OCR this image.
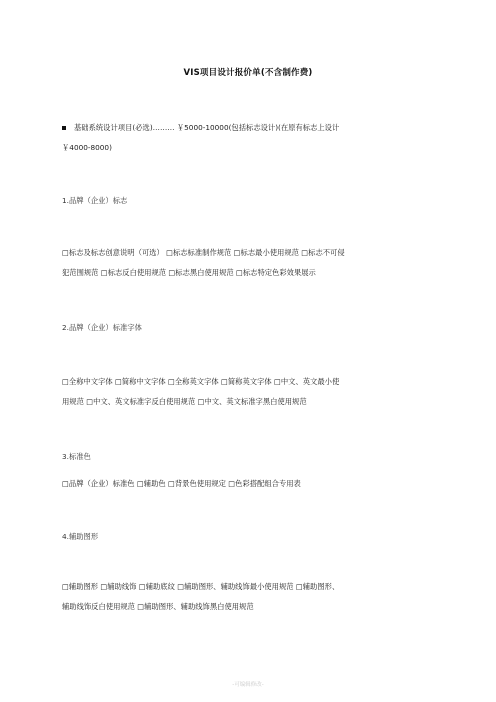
VIS项目设计报价单(不含制作费)
基础系统设计项目(必选)……… ￥5000-10000(包括标志设计)(在原有标志上设计
￥4000-8000)
1.品牌（企业）标志
□标志及标志创意说明（可选） □标志标准制作规范 □标志最小使用规范 □标志不可侵
犯范围规范 □标志反白使用规范 □标志黑白使用规范 □标志特定色彩效果展示
2.品牌（企业）标准字体
□全称中文字体 □简称中文字体 □全称英文字体 □简称英文字体 □中文、英文最小使
用规范 □中文、英文标准字反白使用规范 □中文、英文标准字黑白使用规范
3.标准色
□品牌（企业）标准色 □辅助色 □背景色使用规定 □色彩搭配组合专用表
4.辅助图形
□辅助图形 □辅助线饰 □辅助底纹 □辅助图形、辅助线饰最小使用规范 □辅助图形、
辅助线饰反白使用规范 □辅助图形、辅助线饰黑白使用规范
-可编辑修改-
